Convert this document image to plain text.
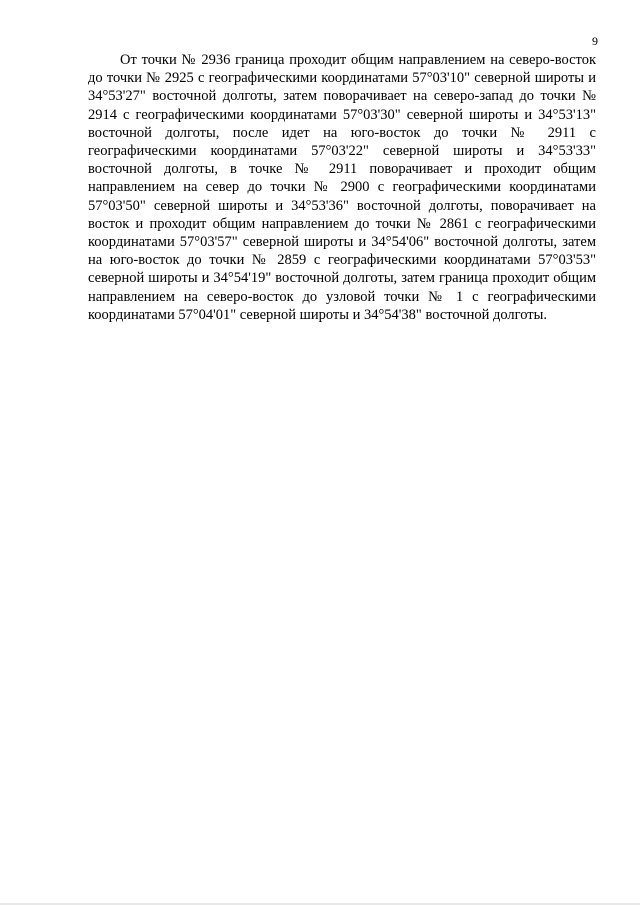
9

От точки № 2936 граница проходит общим направлением на северо-восток до точки № 2925 с географическими координатами 57°03'10" северной широты и 34°53'27" восточной долготы, затем поворачивает на северо-запад до точки № 2914 с географическими координатами 57°03'30" северной широты и 34°53'13" восточной долготы, после идет на юго-восток до точки № 2911 с географическими координатами 57°03'22" северной широты и 34°53'33" восточной долготы, в точке № 2911 поворачивает и проходит общим направлением на север до точки № 2900 с географическими координатами 57°03'50" северной широты и 34°53'36" восточной долготы, поворачивает на восток и проходит общим направлением до точки № 2861 с географическими координатами 57°03'57" северной широты и 34°54'06" восточной долготы, затем на юго-восток до точки № 2859 с географическими координатами 57°03'53" северной широты и 34°54'19" восточной долготы, затем граница проходит общим направлением на северо-восток до узловой точки № 1 с географическими координатами 57°04'01" северной широты и 34°54'38" восточной долготы.
